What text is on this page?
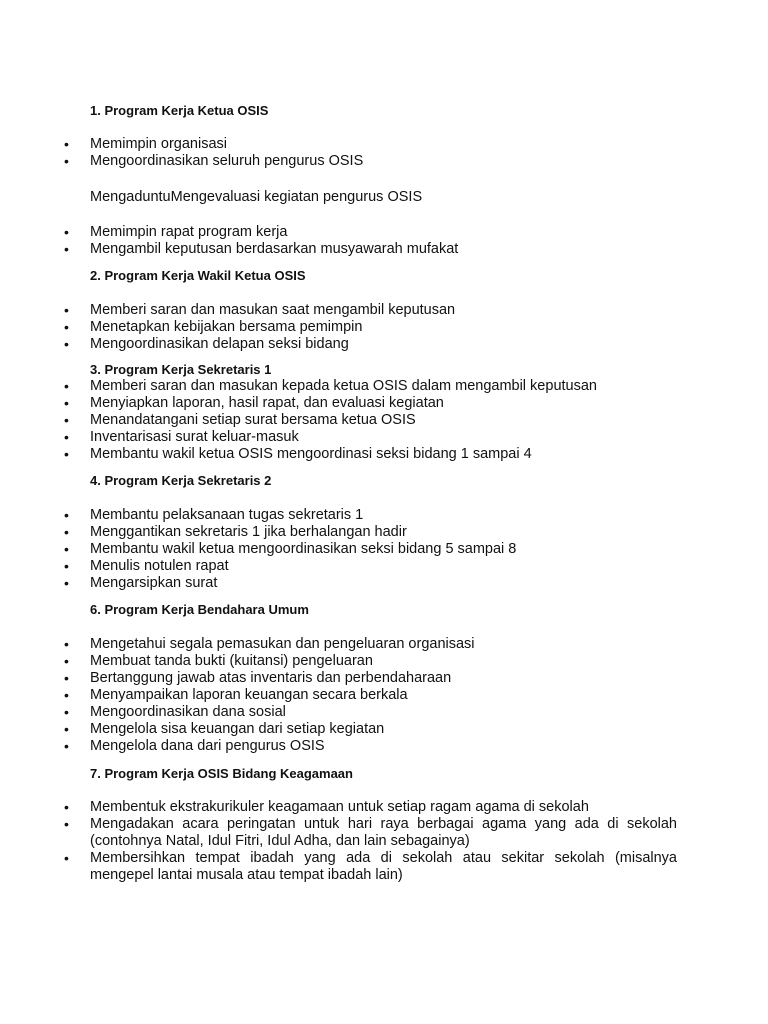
1. Program Kerja Ketua OSIS

• Memimpin organisasi
• Mengoordinasikan seluruh pengurus OSIS

MengaduntuMengevaluasi kegiatan pengurus OSIS

• Memimpin rapat program kerja
• Mengambil keputusan berdasarkan musyawarah mufakat

2. Program Kerja Wakil Ketua OSIS

• Memberi saran dan masukan saat mengambil keputusan
• Menetapkan kebijakan bersama pemimpin
• Mengoordinasikan delapan seksi bidang

3. Program Kerja Sekretaris 1

• Memberi saran dan masukan kepada ketua OSIS dalam mengambil keputusan
• Menyiapkan laporan, hasil rapat, dan evaluasi kegiatan
• Menandatangani setiap surat bersama ketua OSIS
• Inventarisasi surat keluar-masuk
• Membantu wakil ketua OSIS mengoordinasi seksi bidang 1 sampai 4

4. Program Kerja Sekretaris 2

• Membantu pelaksanaan tugas sekretaris 1
• Menggantikan sekretaris 1 jika berhalangan hadir
• Membantu wakil ketua mengoordinasikan seksi bidang 5 sampai 8
• Menulis notulen rapat
• Mengarsipkan surat

6. Program Kerja Bendahara Umum

• Mengetahui segala pemasukan dan pengeluaran organisasi
• Membuat tanda bukti (kuitansi) pengeluaran
• Bertanggung jawab atas inventaris dan perbendaharaan
• Menyampaikan laporan keuangan secara berkala
• Mengoordinasikan dana sosial
• Mengelola sisa keuangan dari setiap kegiatan
• Mengelola dana dari pengurus OSIS

7. Program Kerja OSIS Bidang Keagamaan

• Membentuk ekstrakurikuler keagamaan untuk setiap ragam agama di sekolah
• Mengadakan acara peringatan untuk hari raya berbagai agama yang ada di sekolah (contohnya Natal, Idul Fitri, Idul Adha, dan lain sebagainya)
• Membersihkan tempat ibadah yang ada di sekolah atau sekitar sekolah (misalnya mengepel lantai musala atau tempat ibadah lain)
